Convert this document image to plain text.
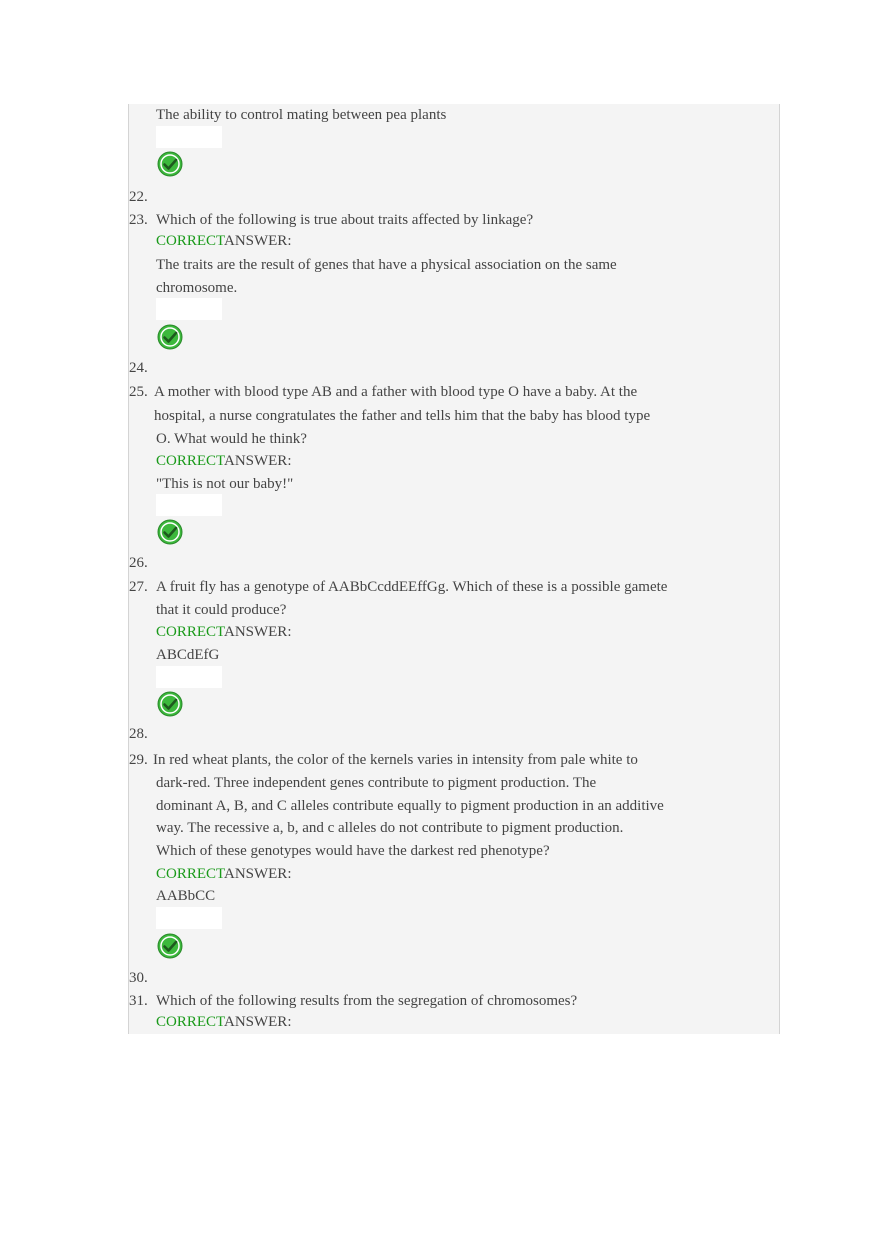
The ability to control mating between pea plants
22.
23. Which of the following is true about traits affected by linkage?
CORRECTANSWER:
The traits are the result of genes that have a physical association on the same
chromosome.
24.
25. A mother with blood type AB and a father with blood type O have a baby. At the
hospital, a nurse congratulates the father and tells him that the baby has blood type
O. What would he think?
CORRECTANSWER:
"This is not our baby!"
26.
27. A fruit fly has a genotype of AABbCcddEEffGg. Which of these is a possible gamete
that it could produce?
CORRECTANSWER:
ABCdEfG
28.
29. In red wheat plants, the color of the kernels varies in intensity from pale white to
dark-red. Three independent genes contribute to pigment production. The
dominant A, B, and C alleles contribute equally to pigment production in an additive
way. The recessive a, b, and c alleles do not contribute to pigment production.
Which of these genotypes would have the darkest red phenotype?
CORRECTANSWER:
AABbCC
30.
31. Which of the following results from the segregation of chromosomes?
CORRECTANSWER:
